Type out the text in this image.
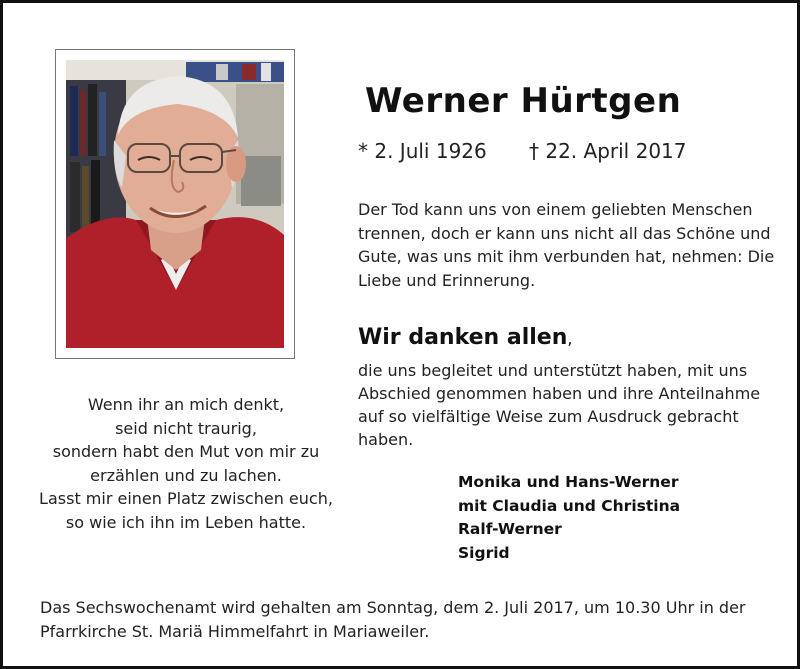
Werner Hürtgen
* 2. Juli 1926 † 22. April 2017
Der Tod kann uns von einem geliebten Menschen trennen, doch er kann uns nicht all das Schöne und Gute, was uns mit ihm verbunden hat, nehmen: Die Liebe und Erinnerung.
Wir danken allen,
die uns begleitet und unterstützt haben, mit uns Abschied genommen haben und ihre Anteilnahme auf so vielfältige Weise zum Ausdruck gebracht haben.
Monika und Hans-Werner
mit Claudia und Christina
Ralf-Werner
Sigrid
Wenn ihr an mich denkt,
seid nicht traurig,
sondern habt den Mut von mir zu
erzählen und zu lachen.
Lasst mir einen Platz zwischen euch,
so wie ich ihn im Leben hatte.
Das Sechswochenamt wird gehalten am Sonntag, dem 2. Juli 2017, um 10.30 Uhr in der Pfarrkirche St. Mariä Himmelfahrt in Mariaweiler.
